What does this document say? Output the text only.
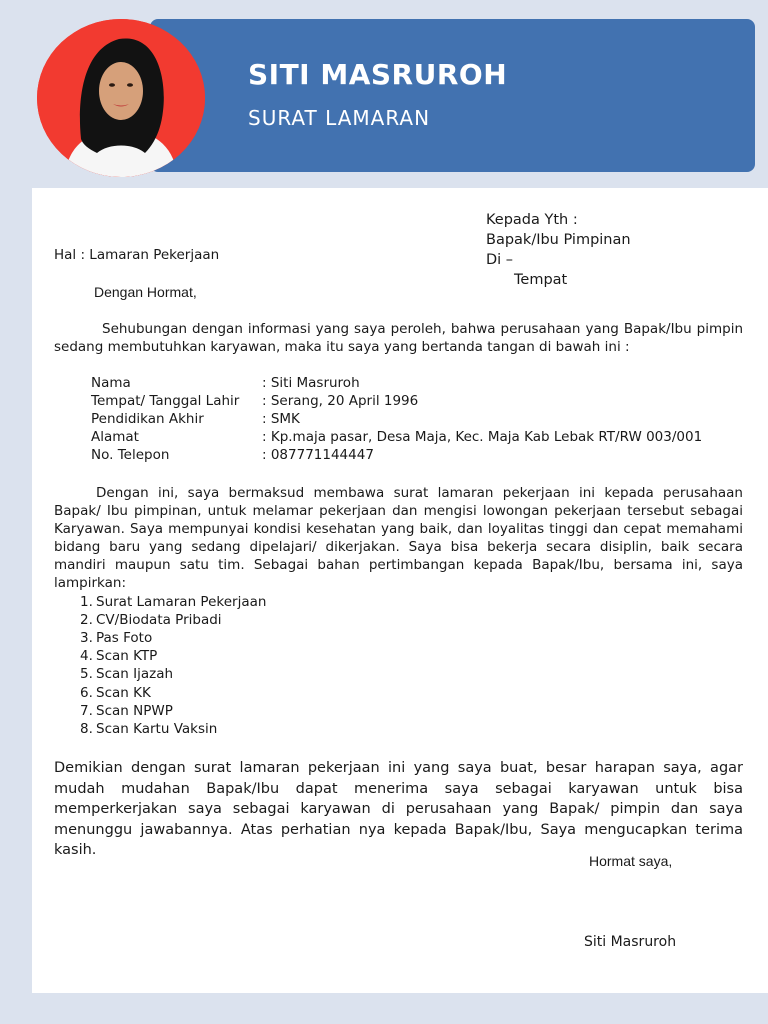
SITI MASRUROH
SURAT LAMARAN
Kepada Yth :
Bapak/Ibu Pimpinan
Di –
Tempat
Hal : Lamaran Pekerjaan
Dengan Hormat,
Sehubungan dengan informasi yang saya peroleh, bahwa perusahaan yang Bapak/Ibu pimpin sedang membutuhkan karyawan, maka itu saya yang bertanda tangan di bawah ini :
Nama	: Siti Masruroh
Tempat/ Tanggal Lahir : Serang, 20 April 1996
Pendidikan Akhir	: SMK
Alamat	: Kp.maja pasar, Desa Maja, Kec. Maja Kab Lebak RT/RW 003/001
No. Telepon	: 087771144447
Dengan ini, saya bermaksud membawa surat lamaran pekerjaan ini kepada perusahaan Bapak/ Ibu pimpinan, untuk melamar pekerjaan dan mengisi lowongan pekerjaan tersebut sebagai Karyawan. Saya mempunyai kondisi kesehatan yang baik, dan loyalitas tinggi dan cepat memahami bidang baru yang sedang dipelajari/ dikerjakan. Saya bisa bekerja secara disiplin, baik secara mandiri maupun satu tim. Sebagai bahan pertimbangan kepada Bapak/Ibu, bersama ini, saya lampirkan:
1. Surat Lamaran Pekerjaan
2. CV/Biodata Pribadi
3. Pas Foto
4. Scan KTP
5. Scan Ijazah
6. Scan KK
7. Scan NPWP
8. Scan Kartu Vaksin
Demikian dengan surat lamaran pekerjaan ini yang saya buat, besar harapan saya, agar mudah mudahan Bapak/Ibu dapat menerima saya sebagai karyawan untuk bisa memperkerjakan saya sebagai karyawan di perusahaan yang Bapak/ pimpin dan saya menunggu jawabannya. Atas perhatian nya kepada Bapak/Ibu, Saya mengucapkan terima kasih.
Hormat saya,
Siti Masruroh
